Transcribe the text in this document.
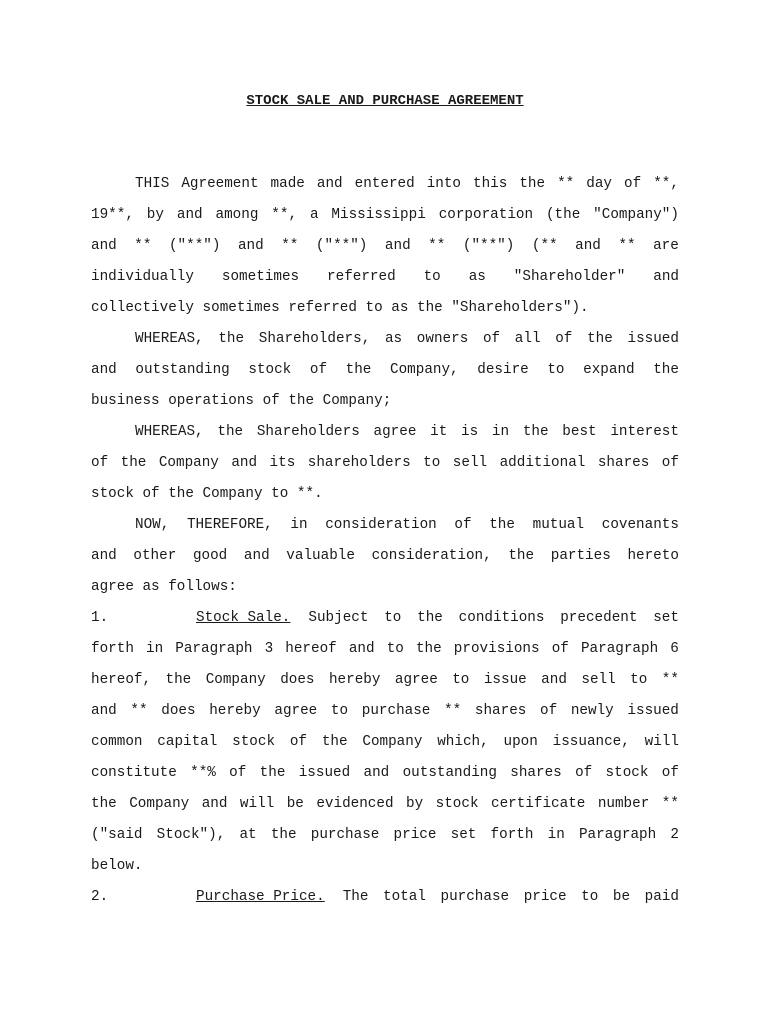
STOCK SALE AND PURCHASE AGREEMENT
THIS Agreement made and entered into this the ** day of **,
19**, by and among **, a Mississippi corporation (the "Company")
and ** ("**") and ** ("**") and ** ("**") (** and ** are
individually sometimes referred to as "Shareholder" and
collectively sometimes referred to as the "Shareholders").
WHEREAS, the Shareholders, as owners of all of the issued
and outstanding stock of the Company, desire to expand the
business operations of the Company;
WHEREAS, the Shareholders agree it is in the best interest
of the Company and its shareholders to sell additional shares of
stock of the Company to **.
NOW, THEREFORE, in consideration of the mutual covenants
and other good and valuable consideration, the parties hereto
agree as follows:
1.	Stock Sale. Subject to the conditions precedent set
forth in Paragraph 3 hereof and to the provisions of Paragraph 6
hereof, the Company does hereby agree to issue and sell to **
and ** does hereby agree to purchase ** shares of newly issued
common capital stock of the Company which, upon issuance, will
constitute **% of the issued and outstanding shares of stock of
the Company and will be evidenced by stock certificate number **
("said Stock"), at the purchase price set forth in Paragraph 2
below.
2.	Purchase Price. The total purchase price to be paid
